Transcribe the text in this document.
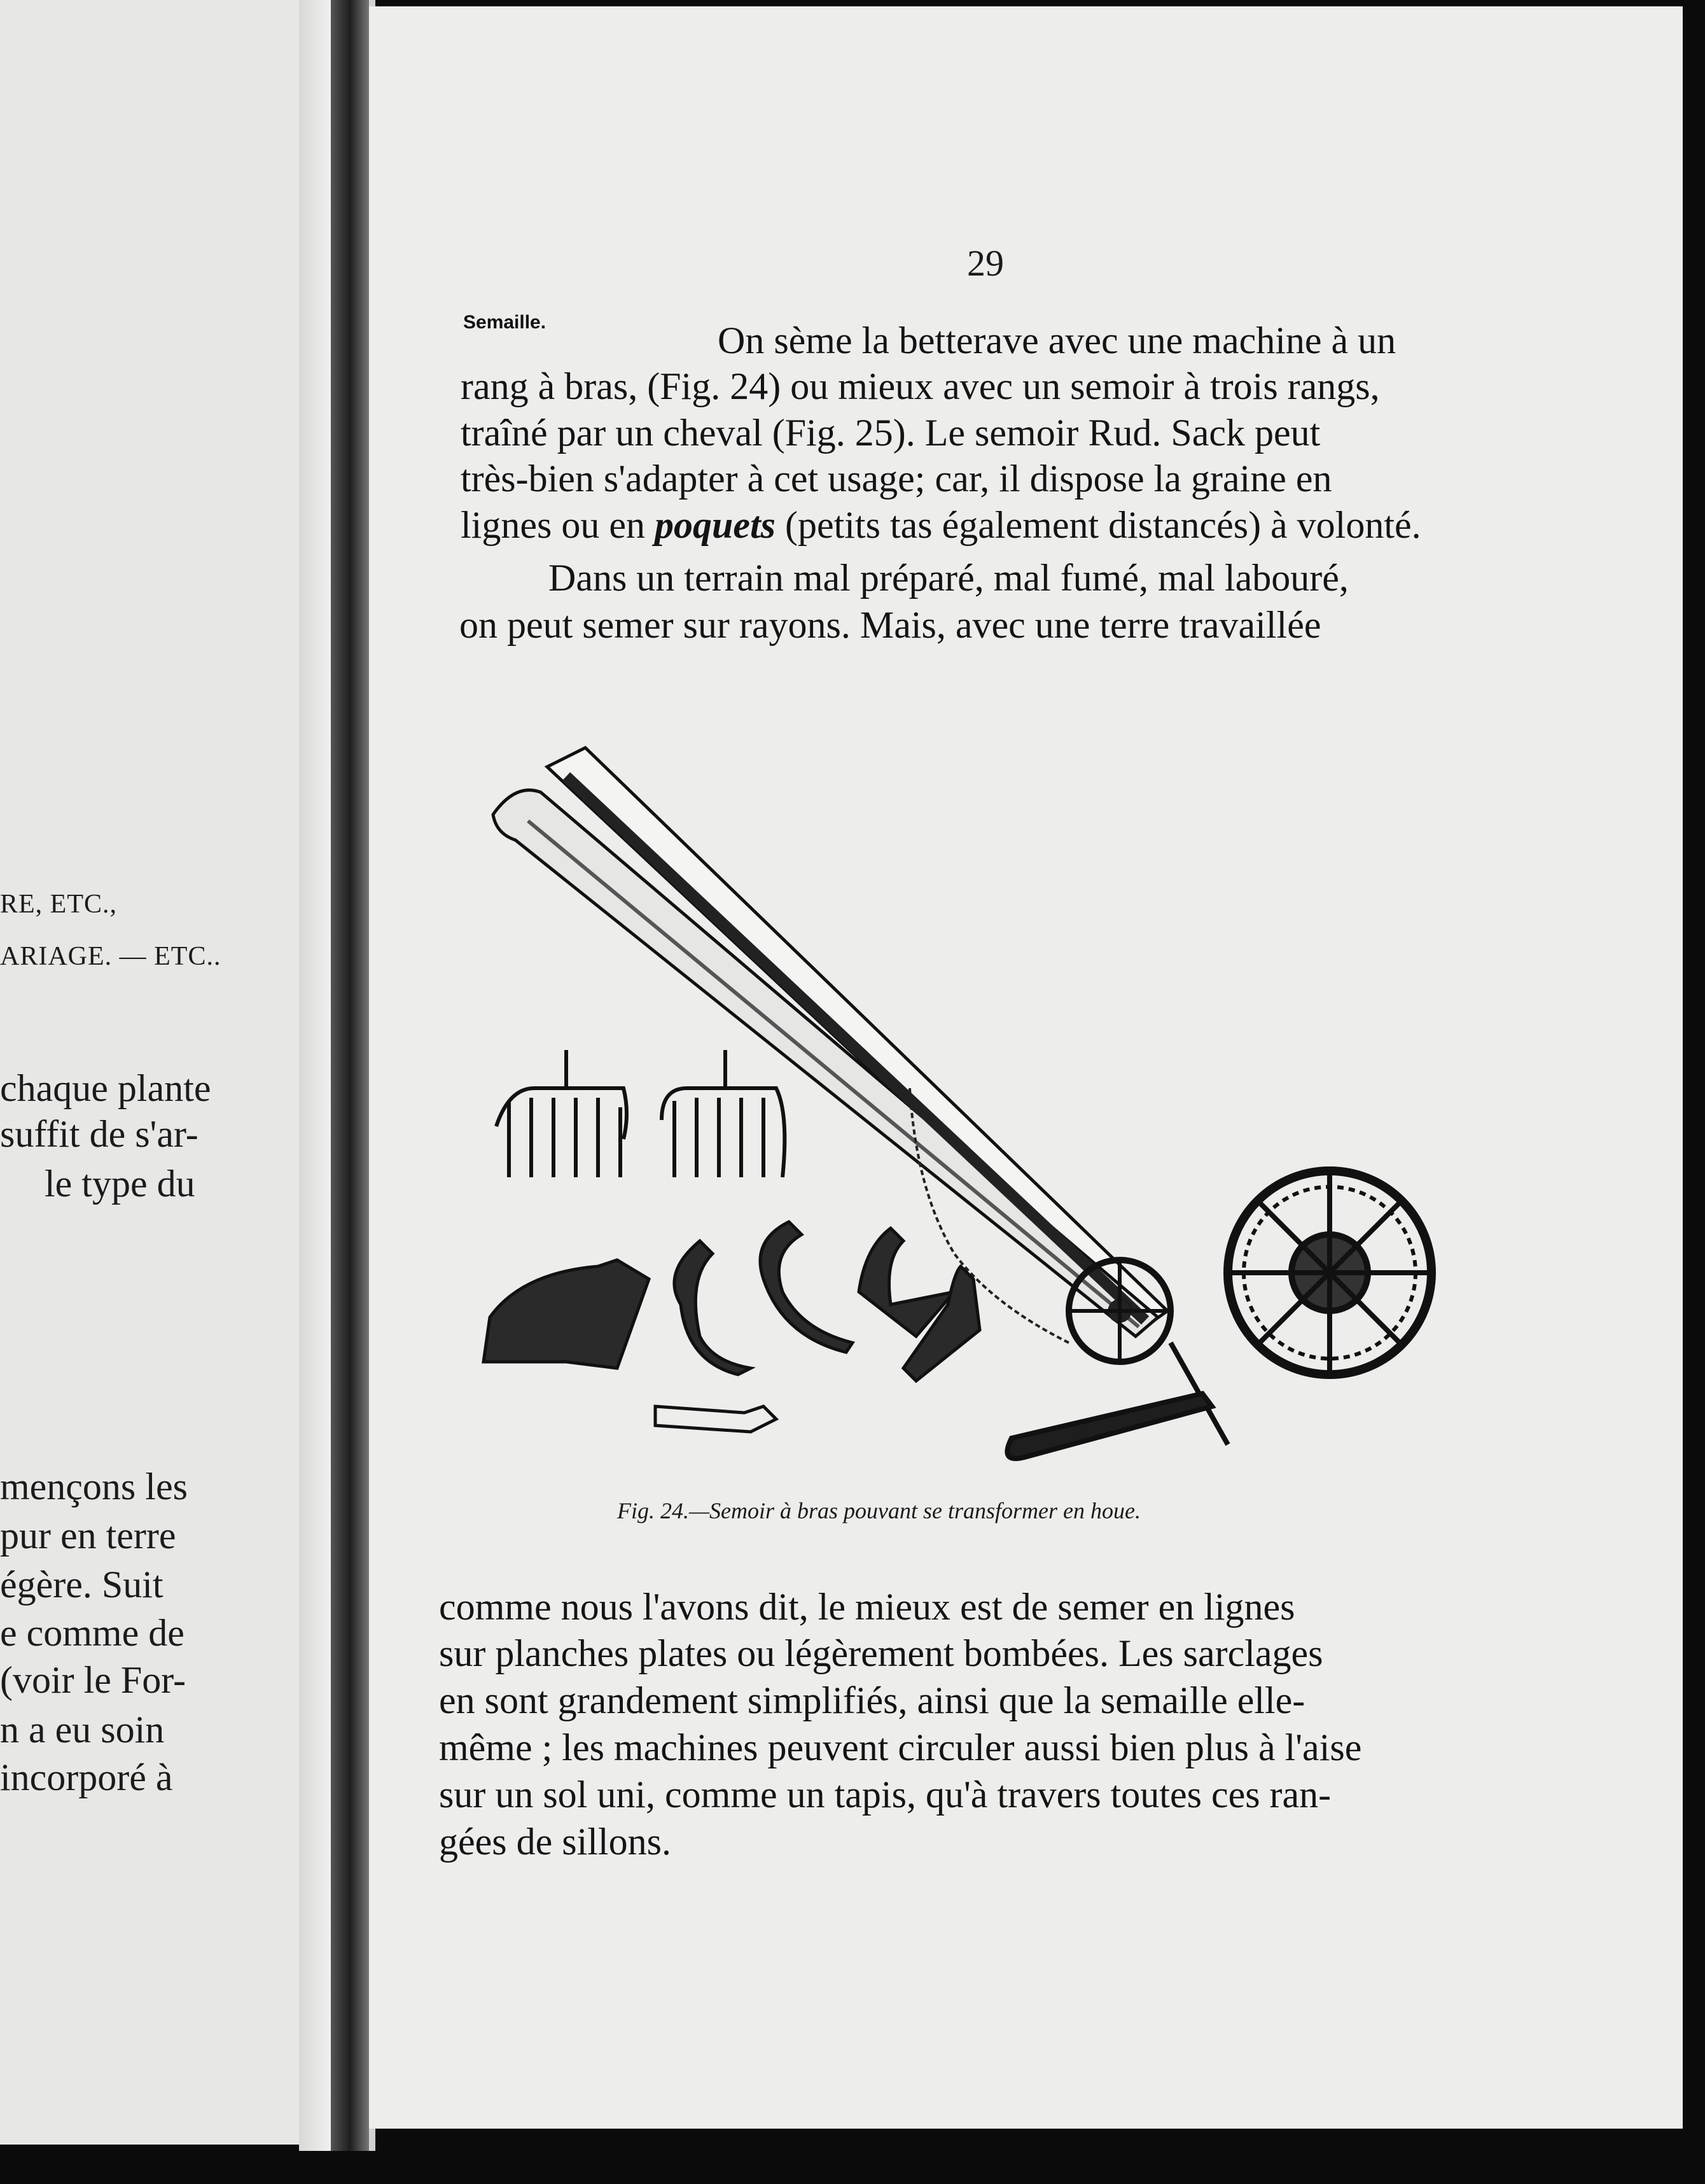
RE, ETC.,
ARIAGE. — ETC..
chaque plante
suffit de s'ar-
le type du
mençons les
pur en terre
égère. Suit
e comme de
(voir le For-
n a eu soin
incorporé à
29
Semaille.	On sème la betterave avec une machine à un
rang à bras, (Fig. 24) ou mieux avec un semoir à trois rangs,
traîné par un cheval (Fig. 25). Le semoir Rud. Sack peut
très-bien s'adapter à cet usage; car, il dispose la graine en
lignes ou en poquets (petits tas également distancés) à volonté.
Dans un terrain mal préparé, mal fumé, mal labouré,
on peut semer sur rayons. Mais, avec une terre travaillée
Fig. 24.—Semoir à bras pouvant se transformer en houe.
comme nous l'avons dit, le mieux est de semer en lignes
sur planches plates ou légèrement bombées. Les sarclages
en sont grandement simplifiés, ainsi que la semaille elle-
même ; les machines peuvent circuler aussi bien plus à l'aise
sur un sol uni, comme un tapis, qu'à travers toutes ces ran-
gées de sillons.
